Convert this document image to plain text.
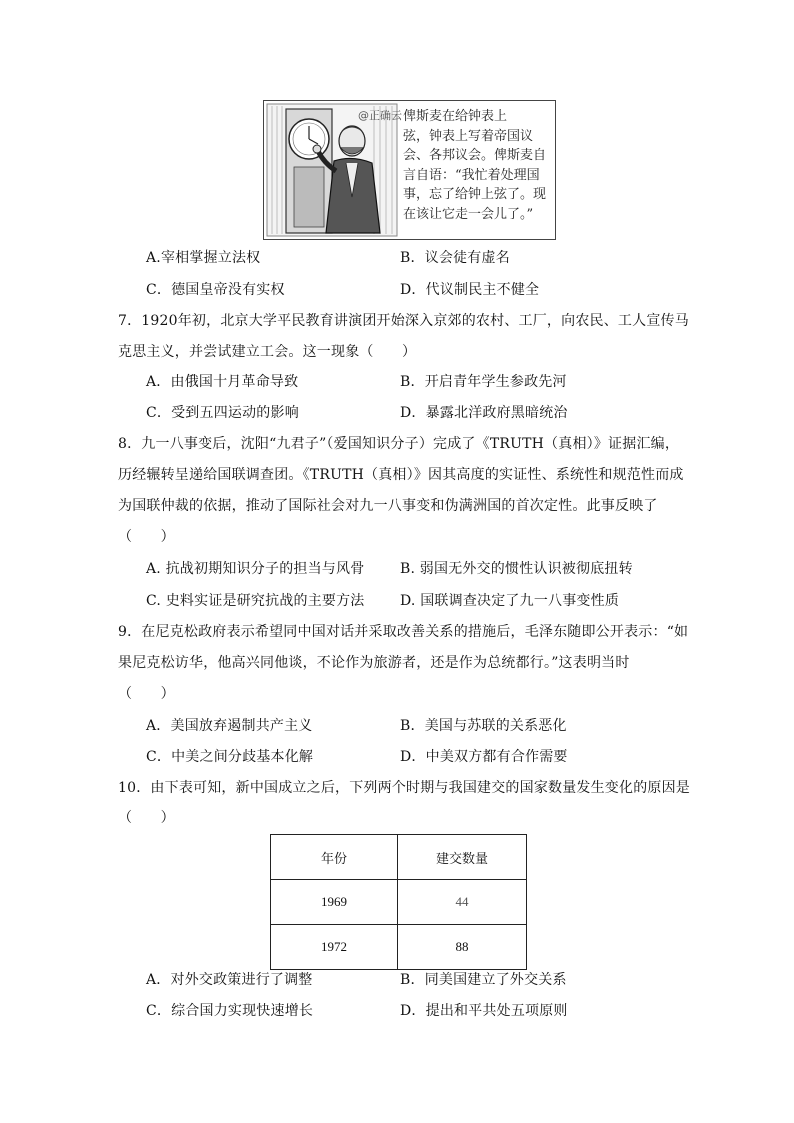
@正确云 俾斯麦在给钟表上
弦，钟表上写着帝国议
会、各邦议会。俾斯麦自
言自语：“我忙着处理国
事，忘了给钟上弦了。现
在该让它走一会儿了。”
A.宰相掌握立法权	B．议会徒有虚名
C．德国皇帝没有实权	D．代议制民主不健全
7．1920年初，北京大学平民教育讲演团开始深入京郊的农村、工厂，向农民、工人宣传马
克思主义，并尝试建立工会。这一现象（　　）
A．由俄国十月革命导致	B．开启青年学生参政先河
C．受到五四运动的影响	D．暴露北洋政府黑暗统治
8．九一八事变后，沈阳“九君子”（爱国知识分子）完成了《TRUTH（真相）》证据汇编，
历经辗转呈递给国联调查团。《TRUTH（真相）》因其高度的实证性、系统性和规范性而成
为国联仲裁的依据，推动了国际社会对九一八事变和伪满洲国的首次定性。此事反映了
（　　）
A. 抗战初期知识分子的担当与风骨	B. 弱国无外交的惯性认识被彻底扭转
C. 史料实证是研究抗战的主要方法	D. 国联调查决定了九一八事变性质
9．在尼克松政府表示希望同中国对话并采取改善关系的措施后，毛泽东随即公开表示：“如
果尼克松访华，他高兴同他谈，不论作为旅游者，还是作为总统都行。”这表明当时
（　　）
A．美国放弃遏制共产主义	B．美国与苏联的关系恶化
C．中美之间分歧基本化解	D．中美双方都有合作需要
10．由下表可知，新中国成立之后，下列两个时期与我国建交的国家数量发生变化的原因是
（　　）
年份	建交数量
1969	44
1972	88
A．对外交政策进行了调整	B．同美国建立了外交关系
C．综合国力实现快速增长	D．提出和平共处五项原则
